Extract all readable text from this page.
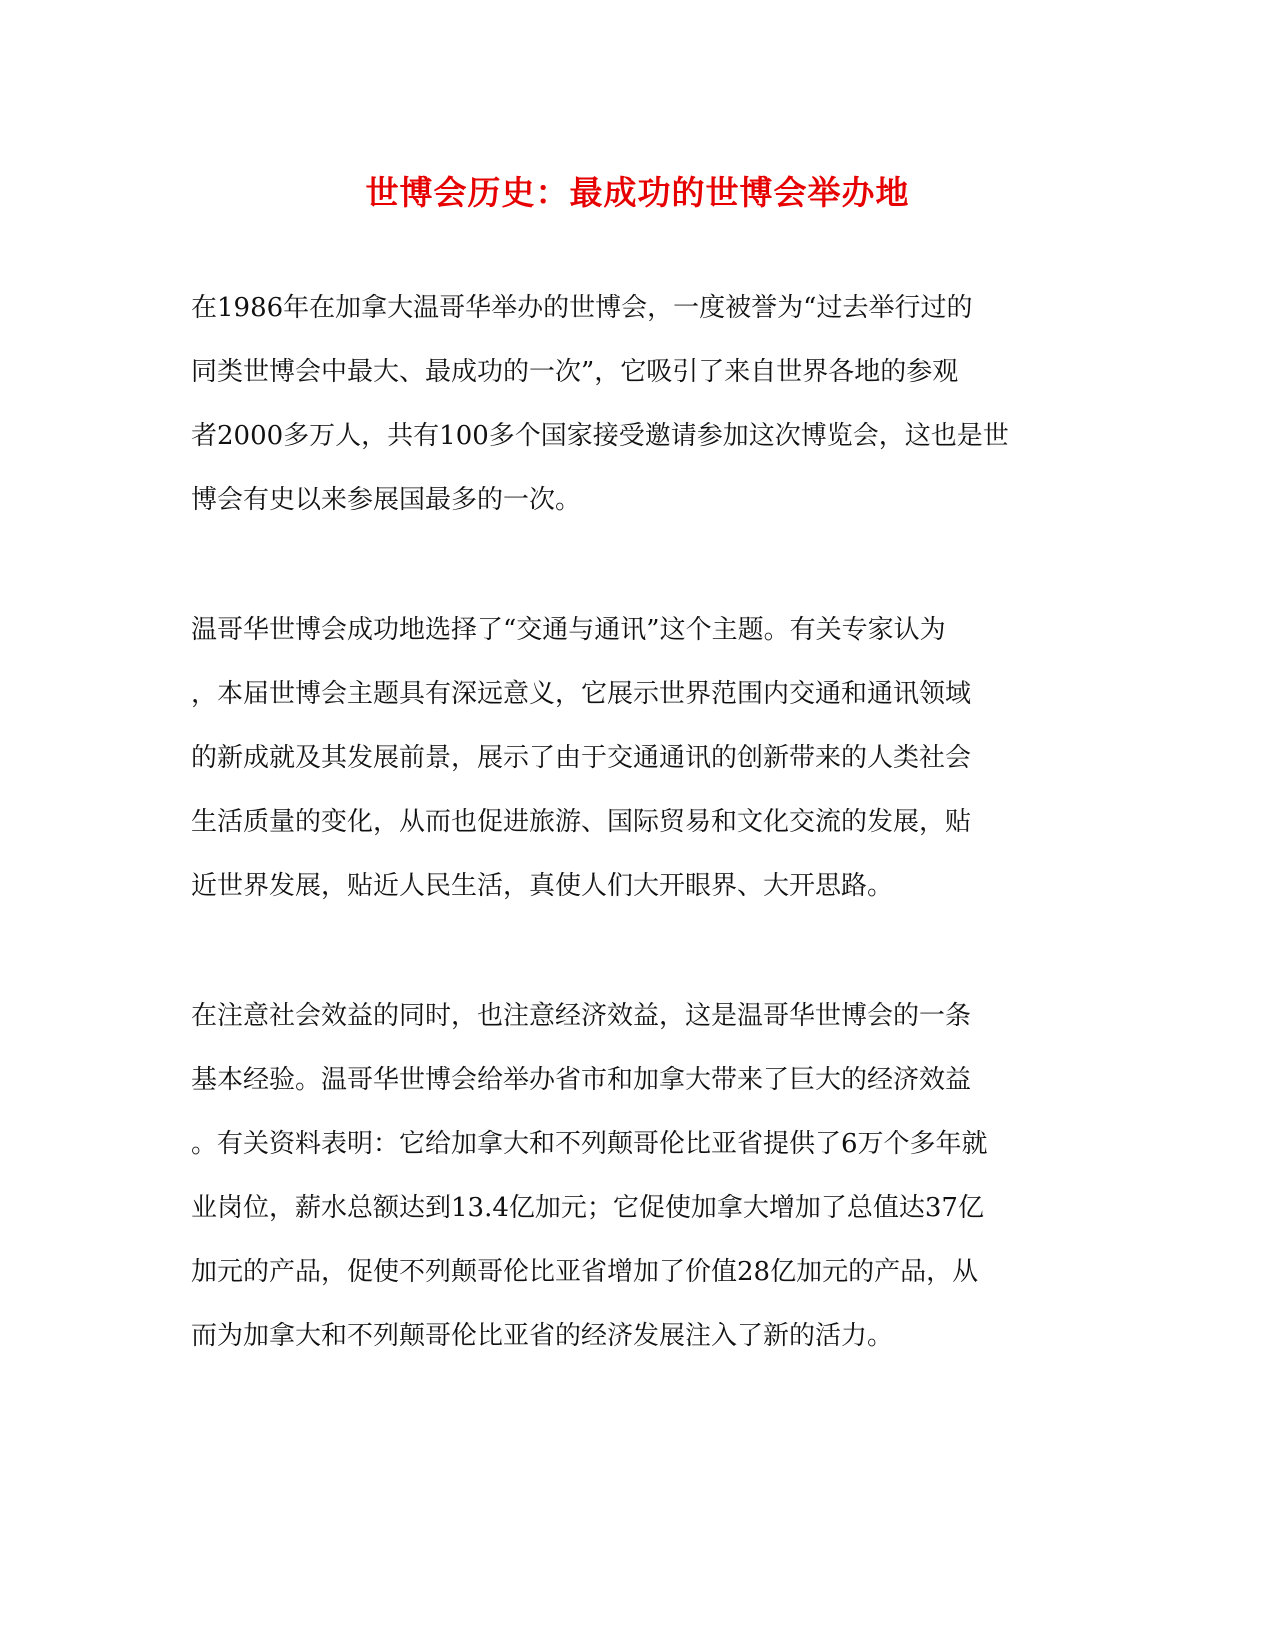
世博会历史：最成功的世博会举办地

在1986年在加拿大温哥华举办的世博会，一度被誉为“过去举行过的
同类世博会中最大、最成功的一次”，它吸引了来自世界各地的参观
者2000多万人，共有100多个国家接受邀请参加这次博览会，这也是世
博会有史以来参展国最多的一次。

温哥华世博会成功地选择了“交通与通讯”这个主题。有关专家认为
，本届世博会主题具有深远意义，它展示世界范围内交通和通讯领域
的新成就及其发展前景，展示了由于交通通讯的创新带来的人类社会
生活质量的变化，从而也促进旅游、国际贸易和文化交流的发展，贴
近世界发展，贴近人民生活，真使人们大开眼界、大开思路。

在注意社会效益的同时，也注意经济效益，这是温哥华世博会的一条
基本经验。温哥华世博会给举办省市和加拿大带来了巨大的经济效益
。有关资料表明：它给加拿大和不列颠哥伦比亚省提供了6万个多年就
业岗位，薪水总额达到13.4亿加元；它促使加拿大增加了总值达37亿
加元的产品，促使不列颠哥伦比亚省增加了价值28亿加元的产品，从
而为加拿大和不列颠哥伦比亚省的经济发展注入了新的活力。
